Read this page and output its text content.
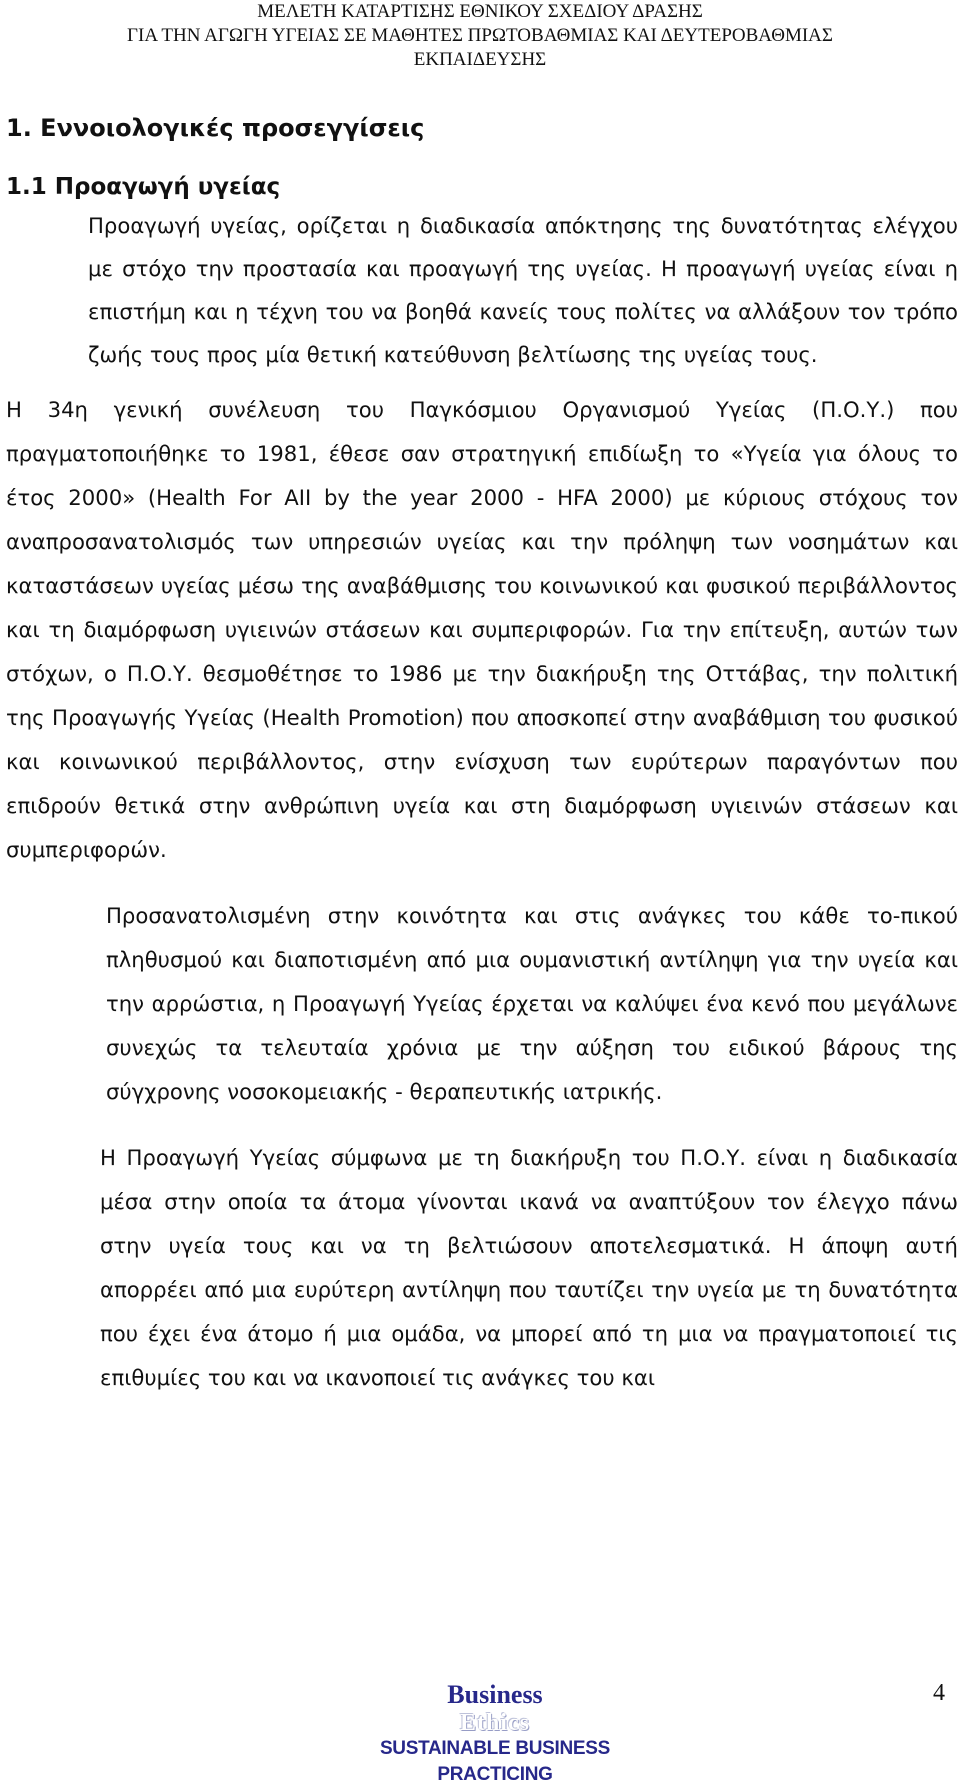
ΜΕΛΕΤΗ ΚΑΤΑΡΤΙΣΗΣ ΕΘΝΙΚΟΥ ΣΧΕΔΙΟΥ ΔΡΑΣΗΣ
ΓΙΑ ΤΗΝ ΑΓΩΓΗ ΥΓΕΙΑΣ ΣΕ ΜΑΘΗΤΕΣ ΠΡΩΤΟΒΑΘΜΙΑΣ ΚΑΙ ΔΕΥΤΕΡΟΒΑΘΜΙΑΣ
ΕΚΠΑΙΔΕΥΣΗΣ
1. Εννοιολογικές προσεγγίσεις
1.1 Προαγωγή υγείας

Προαγωγή υγείας, ορίζεται η διαδικασία απόκτησης της δυνατότητας ελέγχου με στόχο την προστασία και προαγωγή της υγείας. Η προαγωγή υγείας είναι η επιστήμη και η τέχνη του να βοηθά κανείς τους πολίτες να αλλάξουν τον τρόπο ζωής τους προς μία θετική κατεύθυνση βελτίωσης της υγείας τους.

Η 34η γενική συνέλευση του Παγκόσμιου Οργανισμού Υγείας (Π.Ο.Υ.) που πραγματοποιήθηκε το 1981, έθεσε σαν στρατηγική επιδίωξη το «Υγεία για όλους το έτος 2000» (Health For AII by the year 2000 - HFA 2000) με κύριους στόχους τον αναπροσανατολισμός των υπηρεσιών υγείας και την πρόληψη των νοσημάτων και καταστάσεων υγείας μέσω της αναβάθμισης του κοινωνικού και φυσικού περιβάλλοντος και τη διαμόρφωση υγιεινών στάσεων και συμπεριφορών. Για την επίτευξη, αυτών των στόχων, ο Π.Ο.Υ. θεσμοθέτησε το 1986 με την διακήρυξη της Οττάβας, την πολιτική της Προαγωγής Υγείας (Health Promotion) που αποσκοπεί στην αναβάθμιση του φυσικού και κοινωνικού περιβάλλοντος, στην ενίσχυση των ευρύτερων παραγόντων που επιδρούν θετικά στην ανθρώπινη υγεία και στη διαμόρφωση υγιεινών στάσεων και συμπεριφορών.

Προσανατολισμένη στην κοινότητα και στις ανάγκες του κάθε το-πικού πληθυσμού και διαποτισμένη από μια ουμανιστική αντίληψη για την υγεία και την αρρώστια, η Προαγωγή Υγείας έρχεται να καλύψει ένα κενό που μεγάλωνε συνεχώς τα τελευταία χρόνια με την αύξηση του ειδικού βάρους της σύγχρονης νοσοκομειακής - θεραπευτικής ιατρικής.

Η Προαγωγή Υγείας σύμφωνα με τη διακήρυξη του Π.Ο.Υ. είναι η διαδικασία μέσα στην οποία τα άτομα γίνονται ικανά να αναπτύξουν τον έλεγχο πάνω στην υγεία τους και να τη βελτιώσουν αποτελεσματικά. Η άποψη αυτή απορρέει από μια ευρύτερη αντίληψη που ταυτίζει την υγεία με τη δυνατότητα που έχει ένα άτομο ή μια ομάδα, να μπορεί από τη μια να πραγματοποιεί τις επιθυμίες του και να ικανοποιεί τις ανάγκες του και

Business
Ethics
SUSTAINABLE BUSINESS PRACTICING
4
